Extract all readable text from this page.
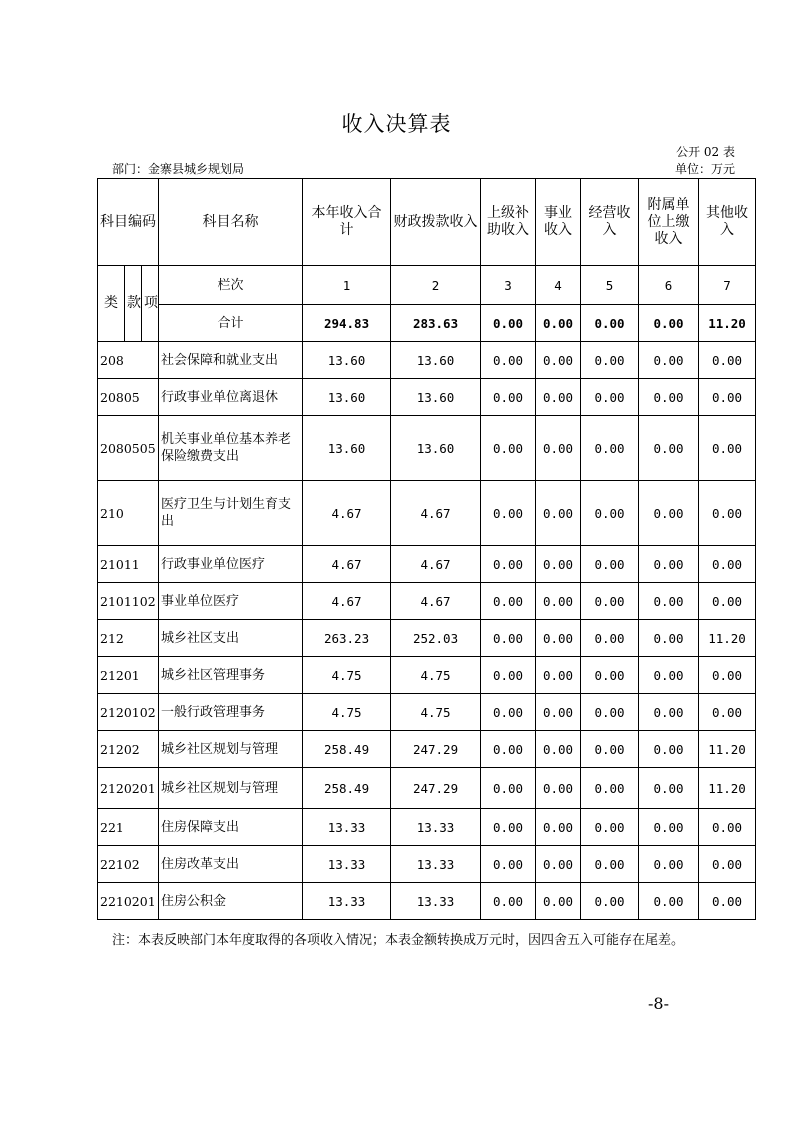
收入决算表
公开 02 表
部门：金寨县城乡规划局	单位：万元
科目编码			科目名称	本年收入合计	财政拨款收入	上级补助收入	事业收入	经营收入	附属单位上缴收入	其他收入
类	款	项	栏次	1	2	3	4	5	6	7
			合计	294.83	283.63	0.00	0.00	0.00	0.00	11.20
208			社会保障和就业支出	13.60	13.60	0.00	0.00	0.00	0.00	0.00
20805			行政事业单位离退休	13.60	13.60	0.00	0.00	0.00	0.00	0.00
2080505			机关事业单位基本养老保险缴费支出	13.60	13.60	0.00	0.00	0.00	0.00	0.00
210			医疗卫生与计划生育支出	4.67	4.67	0.00	0.00	0.00	0.00	0.00
21011			行政事业单位医疗	4.67	4.67	0.00	0.00	0.00	0.00	0.00
2101102			事业单位医疗	4.67	4.67	0.00	0.00	0.00	0.00	0.00
212			城乡社区支出	263.23	252.03	0.00	0.00	0.00	0.00	11.20
21201			城乡社区管理事务	4.75	4.75	0.00	0.00	0.00	0.00	0.00
2120102			一般行政管理事务	4.75	4.75	0.00	0.00	0.00	0.00	0.00
21202			城乡社区规划与管理	258.49	247.29	0.00	0.00	0.00	0.00	11.20
2120201			城乡社区规划与管理	258.49	247.29	0.00	0.00	0.00	0.00	11.20
221			住房保障支出	13.33	13.33	0.00	0.00	0.00	0.00	0.00
22102			住房改革支出	13.33	13.33	0.00	0.00	0.00	0.00	0.00
2210201			住房公积金	13.33	13.33	0.00	0.00	0.00	0.00	0.00
注：本表反映部门本年度取得的各项收入情况；本表金额转换成万元时，因四舍五入可能存在尾差。
-8-
